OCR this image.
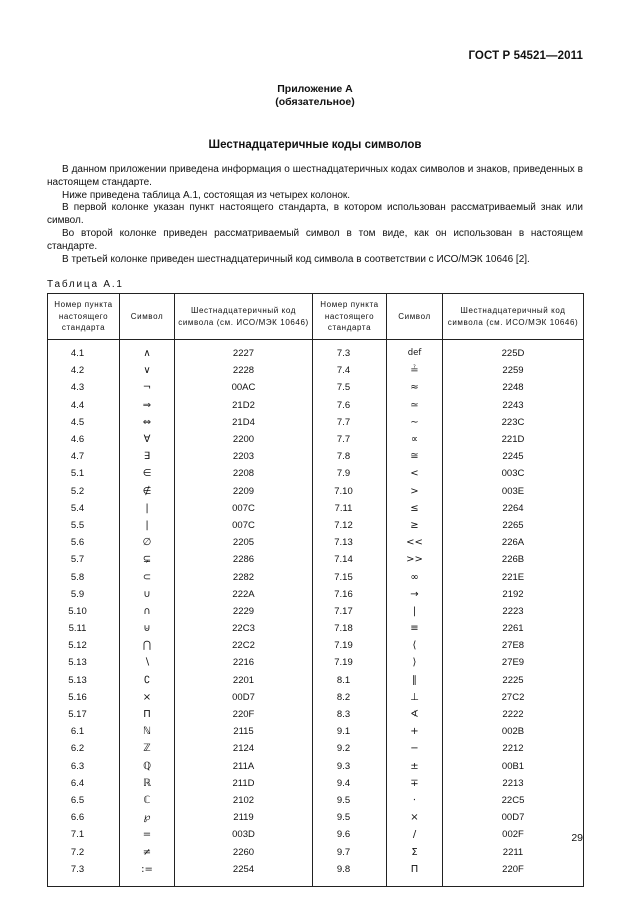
ГОСТ Р 54521—2011
Приложение А
(обязательное)
Шестнадцатеричные коды символов

В данном приложении приведена информация о шестнадцатеричных кодах символов и знаков, приведенных в настоящем стандарте.

Ниже приведена таблица А.1, состоящая из четырех колонок.

В первой колонке указан пункт настоящего стандарта, в котором использован рассматриваемый знак или символ.

Во второй колонке приведен рассматриваемый символ в том виде, как он использован в настоящем стандарте.

В третьей колонке приведен шестнадцатеричный код символа в соответствии с ИСО/МЭК 10646 [2].

Таблица А.1
Номер пункта настоящего стандарта	Символ	Шестнадцатеричный код символа (см. ИСО/МЭК 10646)	Номер пункта настоящего стандарта	Символ	Шестнадцатеричный код символа (см. ИСО/МЭК 10646)
4.1	∧	2227	7.3	def	225D
4.2	∨	2228	7.4	≟	2259
4.3	¬	00AC	7.5	≈	2248
4.4	⇒	21D2	7.6	≃	2243
4.5	⇔	21D4	7.7	∼	223C
4.6	∀	2200	7.7	∝	221D
4.7	∃	2203	7.8	≅	2245
5.1	∈	2208	7.9	<	003C
5.2	∉	2209	7.10	>	003E
5.4	|	007C	7.11	≤	2264
5.5	|	007C	7.12	≥	2265
5.6	∅	2205	7.13	<<	226A
5.7	⊊	2286	7.14	>>	226B
5.8	⊂	2282	7.15	∞	221E
5.9	∪	222A	7.16	→	2192
5.10	∩	2229	7.17	|	2223
5.11	⊍	22C3	7.18	≡	2261
5.12	⋂	22C2	7.19	⟨	27E8
5.13	∖	2216	7.19	⟩	27E9
5.13	∁	2201	8.1	∥	2225
5.16	×	00D7	8.2	⊥	27C2
5.17	Π	220F	8.3	∢	2222
6.1	ℕ	2115	9.1	+	002B
6.2	ℤ	2124	9.2	−	2212
6.3	ℚ	211A	9.3	±	00B1
6.4	ℝ	211D	9.4	∓	2213
6.5	ℂ	2102	9.5	⋅	22C5
6.6	℘	2119	9.5	×	00D7
7.1	=	003D	9.6	/	002F
7.2	≠	2260	9.7	Σ	2211
7.3	:=	2254	9.8	Π	220F
29
